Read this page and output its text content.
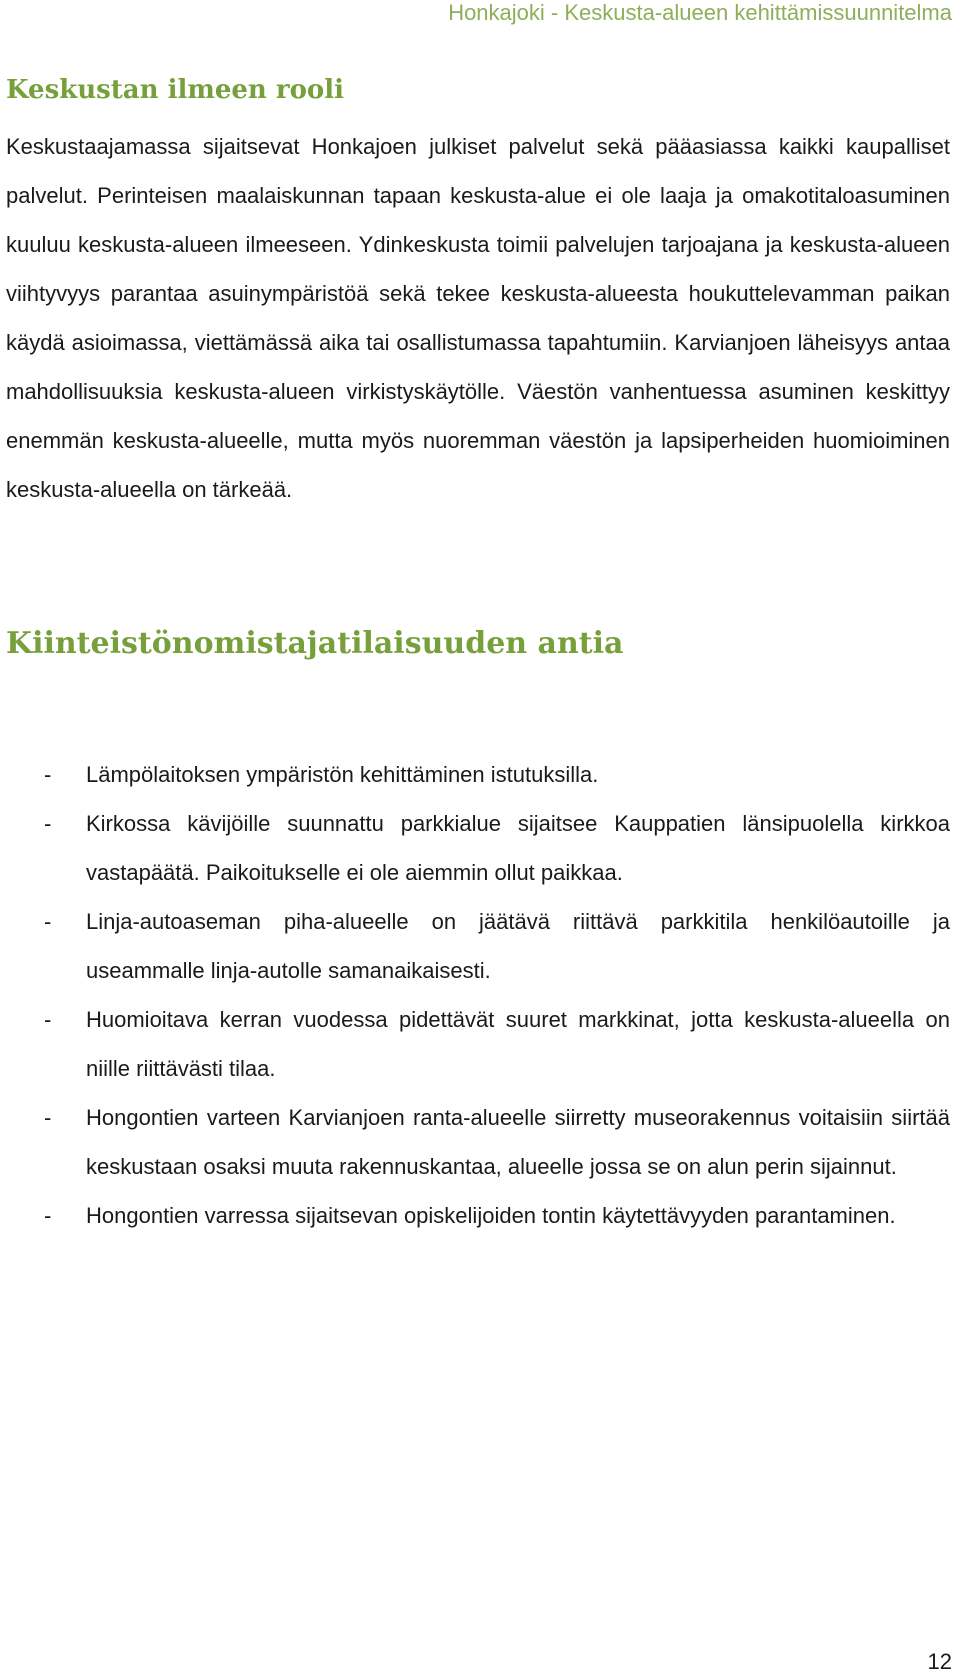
Honkajoki - Keskusta-alueen kehittämissuunnitelma
Keskustan ilmeen rooli

Keskustaajamassa sijaitsevat Honkajoen julkiset palvelut sekä pääasiassa kaikki kaupalliset palvelut. Perinteisen maalaiskunnan tapaan keskusta-alue ei ole laaja ja omakotitaloasuminen kuuluu keskusta-alueen ilmeeseen. Ydinkeskusta toimii palvelujen tarjoajana ja keskusta-alueen viihtyvyys parantaa asuinympäristöä sekä tekee keskusta-alueesta houkuttelevamman paikan käydä asioimassa, viettämässä aika tai osallistumassa tapahtumiin. Karvianjoen läheisyys antaa mahdollisuuksia keskusta-alueen virkistyskäytölle. Väestön vanhentuessa asuminen keskittyy enemmän keskusta-alueelle, mutta myös nuoremman väestön ja lapsiperheiden huomioiminen keskusta-alueella on tärkeää.

Kiinteistönomistajatilaisuuden antia
-	Lämpölaitoksen ympäristön kehittäminen istutuksilla.
-	Kirkossa kävijöille suunnattu parkkialue sijaitsee Kauppatien länsipuolella kirkkoa vastapäätä. Paikoitukselle ei ole aiemmin ollut paikkaa.
-	Linja-autoaseman piha-alueelle on jäätävä riittävä parkkitila henkilöautoille ja useammalle linja-autolle samanaikaisesti.
-	Huomioitava kerran vuodessa pidettävät suuret markkinat, jotta keskusta-alueella on niille riittävästi tilaa.
-	Hongontien varteen Karvianjoen ranta-alueelle siirretty museorakennus voitaisiin siirtää keskustaan osaksi muuta rakennuskantaa, alueelle jossa se on alun perin sijainnut.
-	Hongontien varressa sijaitsevan opiskelijoiden tontin käytettävyyden parantaminen.
12
